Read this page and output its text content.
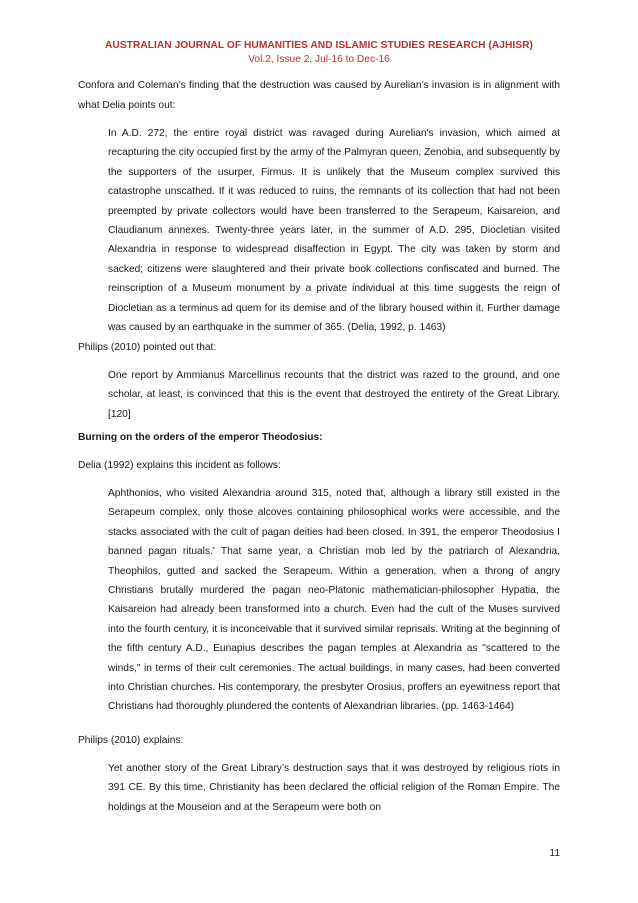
AUSTRALIAN JOURNAL OF HUMANITIES AND ISLAMIC STUDIES RESEARCH (AJHISR)
Vol.2, Issue 2, Jul-16 to Dec-16
Confora and Coleman’s finding that the destruction was caused by Aurelian’s invasion is in alignment with what Delia points out:
In A.D. 272, the entire royal district was ravaged during Aurelian's invasion, which aimed at recapturing the city occupied first by the army of the Palmyran queen, Zenobia, and subsequently by the supporters of the usurper, Firmus. It is unlikely that the Museum complex survived this catastrophe unscathed. If it was reduced to ruins, the remnants of its collection that had not been preempted by private collectors would have been transferred to the Serapeum, Kaisareion, and Claudianum annexes. Twenty-three years later, in the summer of A.D. 295, Diocletian visited Alexandria in response to widespread disaffection in Egypt. The city was taken by storm and sacked; citizens were slaughtered and their private book collections confiscated and burned. The reinscription of a Museum monument by a private individual at this time suggests the reign of Diocletian as a terminus ad quem for its demise and of the library housed within it. Further damage was caused by an earthquake in the summer of 365. (Delia, 1992, p. 1463)
Philips (2010) pointed out that:
One report by Ammianus Marcellinus recounts that the district was razed to the ground, and one scholar, at least, is convinced that this is the event that destroyed the entirety of the Great Library.[120]
Burning on the orders of the emperor Theodosius:
Delia (1992) explains this incident as follows:
Aphthonios, who visited Alexandria around 315, noted that, although a library still existed in the Serapeum complex, only those alcoves containing philosophical works were accessible, and the stacks associated with the cult of pagan deities had been closed. In 391, the emperor Theodosius I banned pagan rituals.' That same year, a Christian mob led by the patriarch of Alexandria, Theophilos, gutted and sacked the Serapeum. Within a generation, when a throng of angry Christians brutally murdered the pagan neo-Platonic mathematician-philosopher Hypatia, the Kaisareion had already been transformed into a church. Even had the cult of the Muses survived into the fourth century, it is inconceivable that it survived similar reprisals. Writing at the beginning of the fifth century A.D., Eunapius describes the pagan temples at Alexandria as "scattered to the winds," in terms of their cult ceremonies. The actual buildings, in many cases, had been converted into Christian churches. His contemporary, the presbyter Orosius, proffers an eyewitness report that Christians had thoroughly plundered the contents of Alexandrian libraries. (pp. 1463-1464)
Philips (2010) explains:
Yet another story of the Great Library’s destruction says that it was destroyed by religious riots in 391 CE. By this time, Christianity has been declared the official religion of the Roman Empire. The holdings at the Mouseion and at the Serapeum were both on
11
